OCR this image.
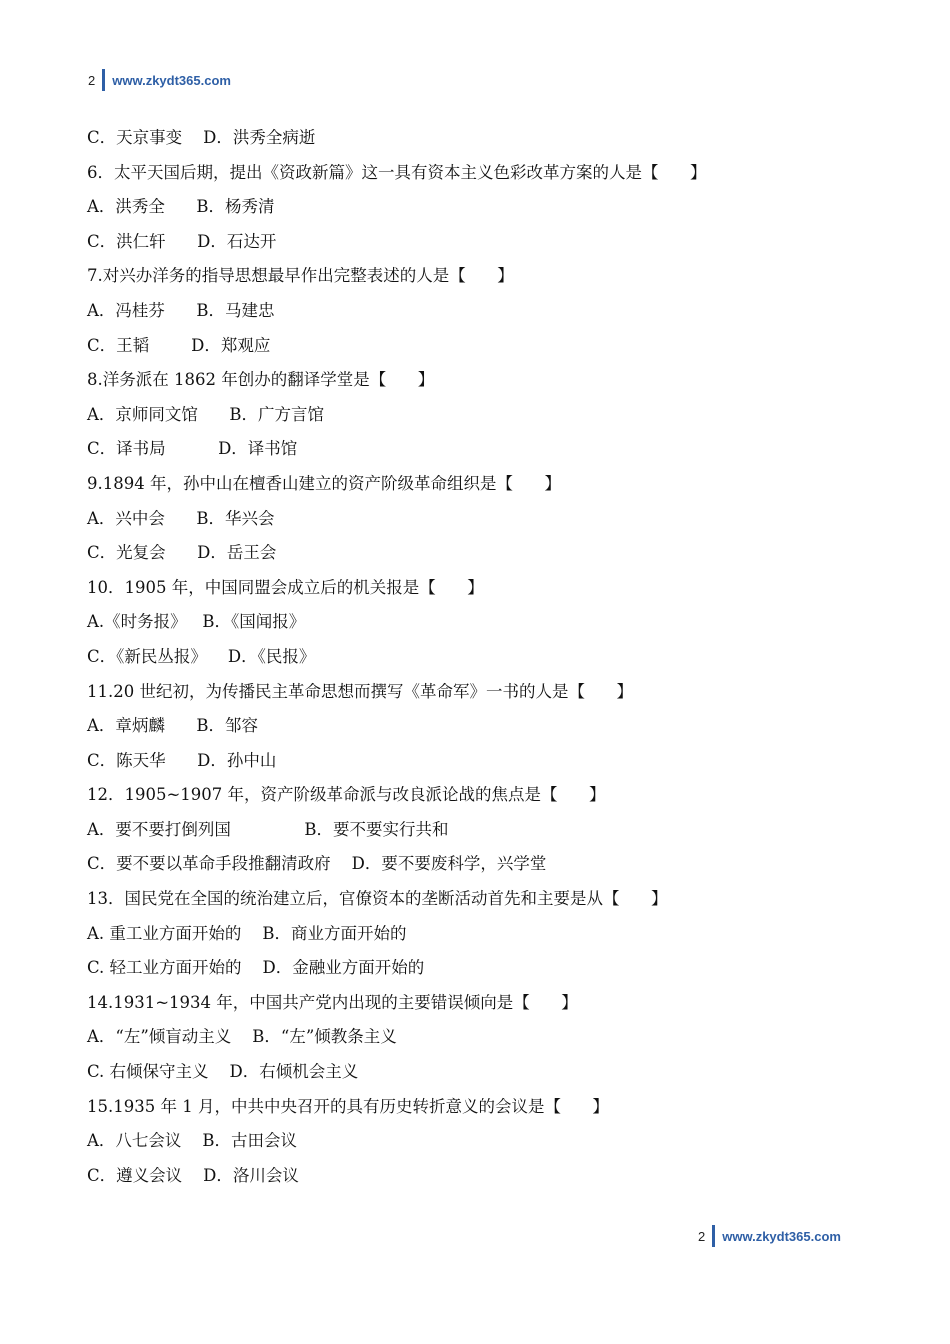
2 www.zkydt365.com
C．天京事变    D．洪秀全病逝
6．太平天国后期，提出《资政新篇》这一具有资本主义色彩改革方案的人是【      】
A．洪秀全      B．杨秀清
C．洪仁轩      D．石达开
7.对兴办洋务的指导思想最早作出完整表述的人是【      】
A．冯桂芬      B．马建忠
C．王韬        D．郑观应
8.洋务派在 1862 年创办的翻译学堂是【      】
A．京师同文馆      B．广方言馆
C．译书局          D．译书馆
9.1894 年，孙中山在檀香山建立的资产阶级革命组织是【      】
A．兴中会      B．华兴会
C．光复会      D．岳王会
10．1905 年，中国同盟会成立后的机关报是【      】
A.《时务报》   B．《国闻报》
C．《新民丛报》    D．《民报》
11.20 世纪初，为传播民主革命思想而撰写《革命军》一书的人是【      】
A．章炳麟      B．邹容
C．陈天华      D．孙中山
12．1905~1907 年，资产阶级革命派与改良派论战的焦点是【      】
A．要不要打倒列国              B．要不要实行共和
C．要不要以革命手段推翻清政府    D．要不要废科学，兴学堂
13．国民党在全国的统治建立后，官僚资本的垄断活动首先和主要是从【      】
A. 重工业方面开始的    B．商业方面开始的
C. 轻工业方面开始的    D．金融业方面开始的
14.1931~1934 年，中国共产党内出现的主要错误倾向是【      】
A．“左”倾盲动主义    B．“左”倾教条主义
C. 右倾保守主义    D．右倾机会主义
15.1935 年 1 月，中共中央召开的具有历史转折意义的会议是【      】
A．八七会议    B．古田会议
C．遵义会议    D．洛川会议
2 www.zkydt365.com
